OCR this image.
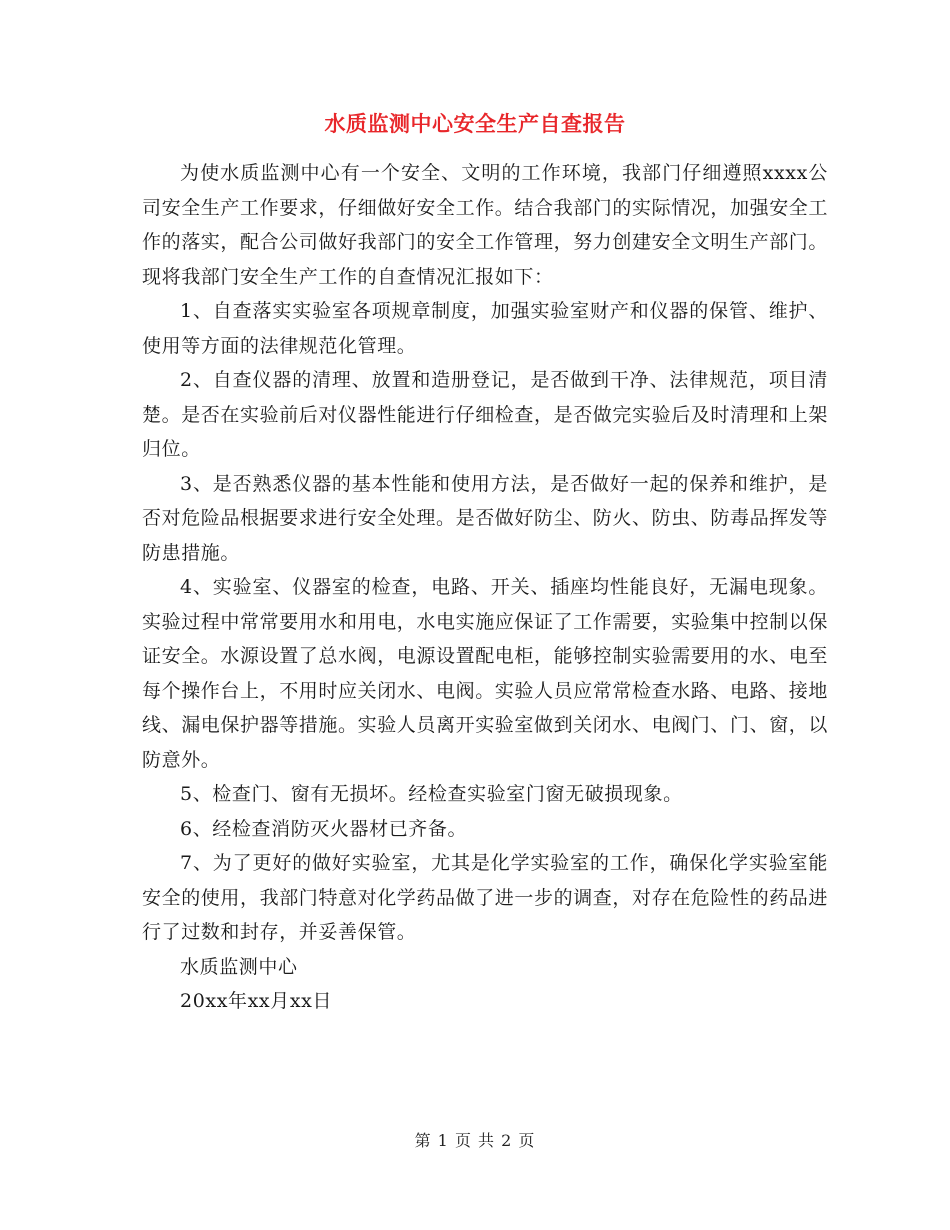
水质监测中心安全生产自查报告

为使水质监测中心有一个安全、文明的工作环境，我部门仔细遵照xxxx公司安全生产工作要求，仔细做好安全工作。结合我部门的实际情况，加强安全工作的落实，配合公司做好我部门的安全工作管理，努力创建安全文明生产部门。现将我部门安全生产工作的自查情况汇报如下：

1、自查落实实验室各项规章制度，加强实验室财产和仪器的保管、维护、使用等方面的法律规范化管理。

2、自查仪器的清理、放置和造册登记，是否做到干净、法律规范，项目清楚。是否在实验前后对仪器性能进行仔细检查，是否做完实验后及时清理和上架归位。

3、是否熟悉仪器的基本性能和使用方法，是否做好一起的保养和维护，是否对危险品根据要求进行安全处理。是否做好防尘、防火、防虫、防毒品挥发等防患措施。

4、实验室、仪器室的检查，电路、开关、插座均性能良好，无漏电现象。实验过程中常常要用水和用电，水电实施应保证了工作需要，实验集中控制以保证安全。水源设置了总水阀，电源设置配电柜，能够控制实验需要用的水、电至每个操作台上，不用时应关闭水、电阀。实验人员应常常检查水路、电路、接地线、漏电保护器等措施。实验人员离开实验室做到关闭水、电阀门、门、窗，以防意外。

5、检查门、窗有无损坏。经检查实验室门窗无破损现象。

6、经检查消防灭火器材已齐备。

7、为了更好的做好实验室，尤其是化学实验室的工作，确保化学实验室能安全的使用，我部门特意对化学药品做了进一步的调查，对存在危险性的药品进行了过数和封存，并妥善保管。

水质监测中心

20xx年xx月xx日

第 1 页 共 2 页
